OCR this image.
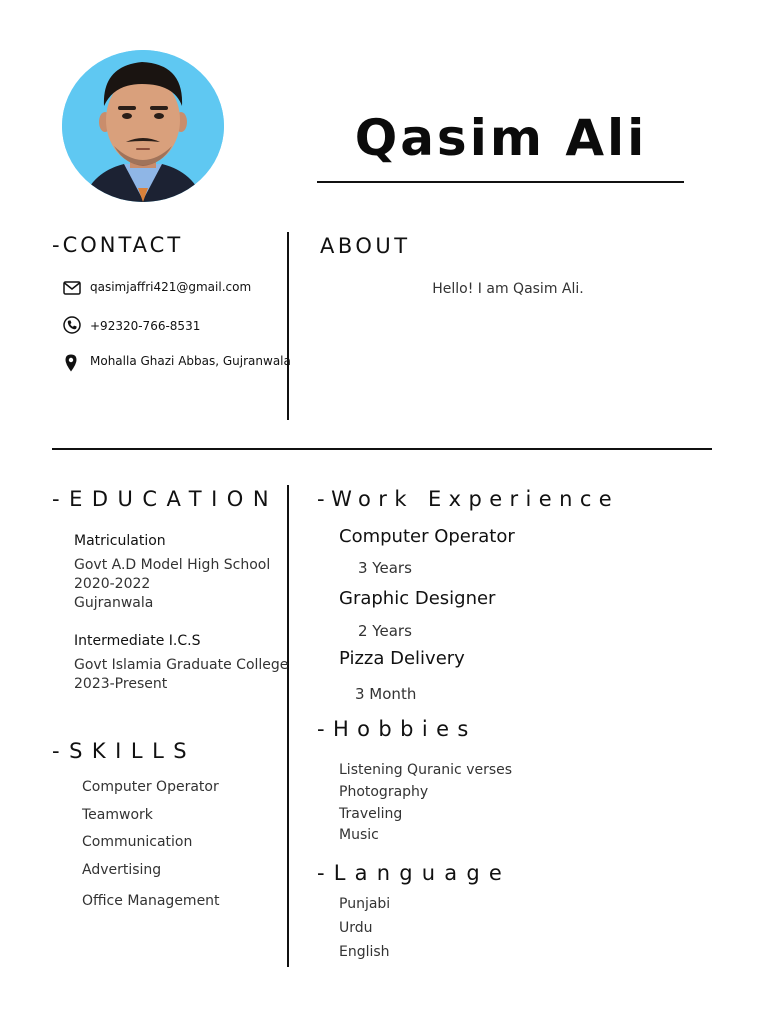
Qasim Ali
-CONTACT
qasimjaffri421@gmail.com
+92320-766-8531
Mohalla Ghazi Abbas, Gujranwala
ABOUT
Hello! I am Qasim Ali.
-EDUCATION
Matriculation
Govt A.D Model High School
2020-2022
Gujranwala
Intermediate I.C.S
Govt Islamia Graduate College
2023-Present
-SKILLS
Computer Operator
Teamwork
Communication
Advertising
Office Management
-Work Experience
Computer Operator
3 Years
Graphic Designer
2 Years
Pizza Delivery
3 Month
-Hobbies
Listening Quranic verses
Photography
Traveling
Music
-Language
Punjabi
Urdu
English
